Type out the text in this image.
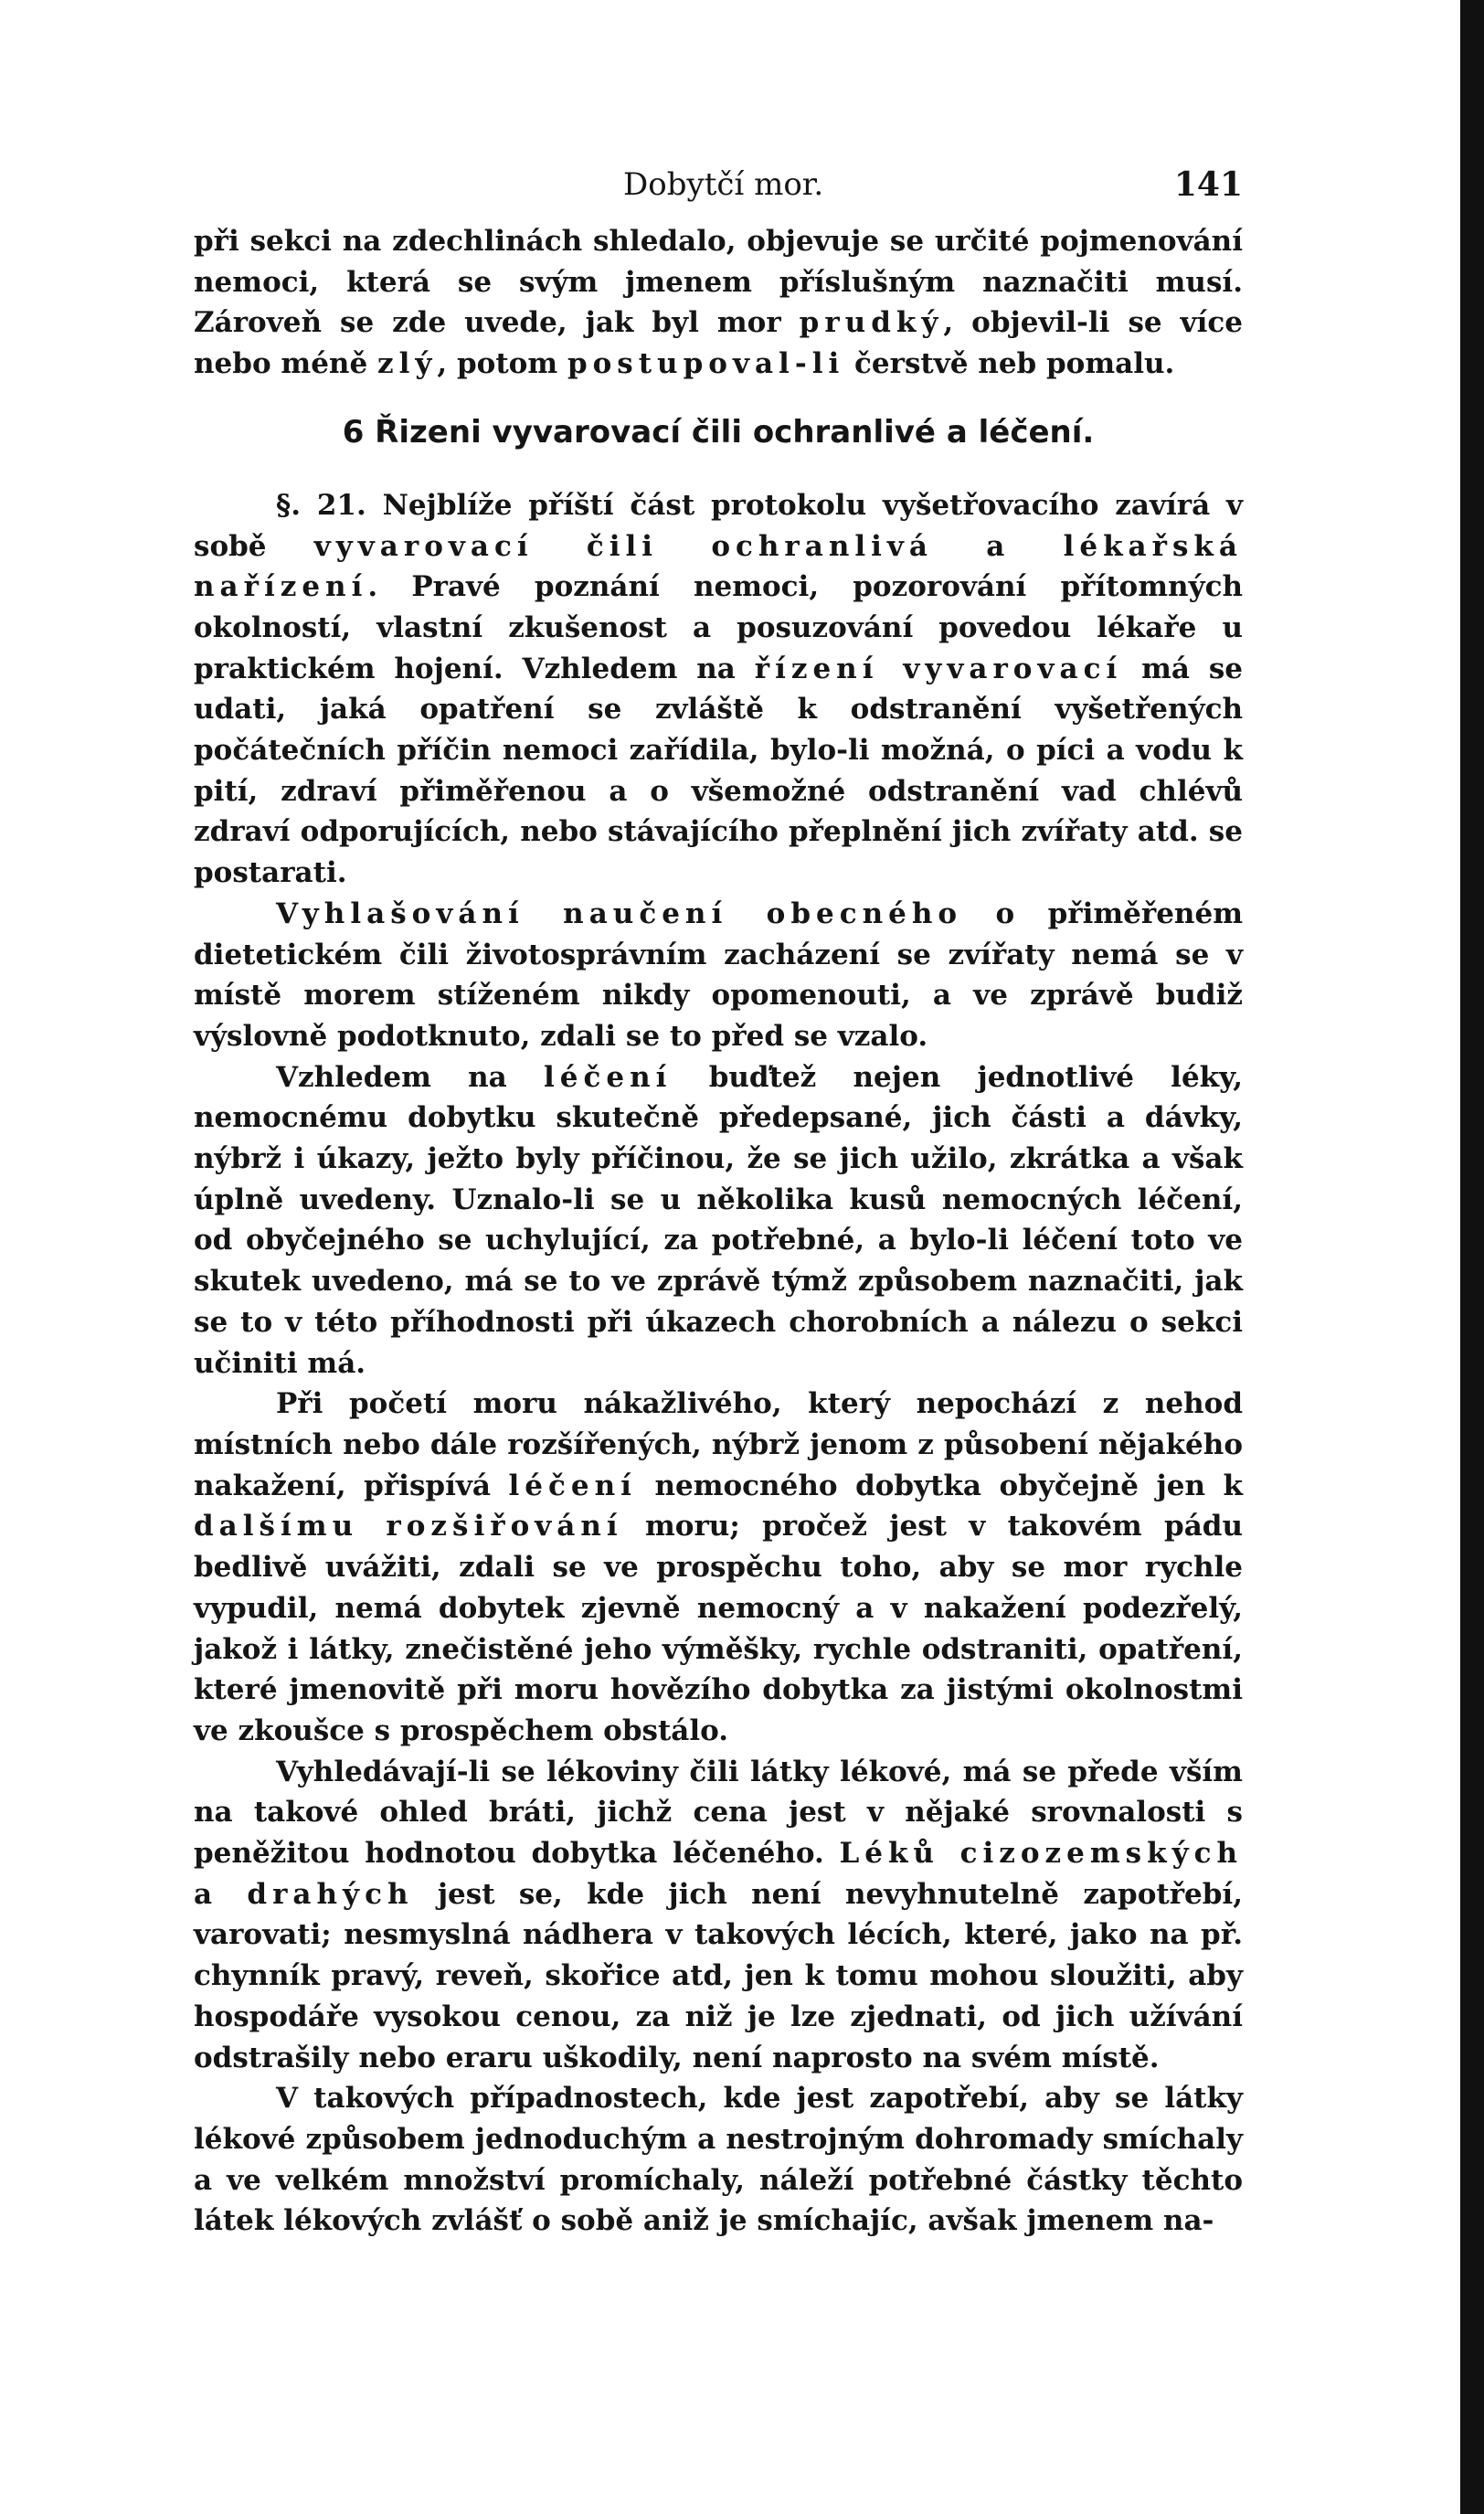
Dobytčí mor.	141

při sekci na zdechlinách shledalo, objevuje se určité pojmenování nemoci, která se svým jmenem příslušným naznačiti musí. Zároveň se zde uvede, jak byl mor prudký, objevil-li se více nebo méně zlý, potom postupoval-li čerstvě neb pomalu.

6 Řizeni vyvarovací čili ochranlivé a léčení.

§. 21. Nejblíže příští část protokolu vyšetřovacího zavírá v sobě vyvarovací čili ochranlivá a lékařská nařízení. Pravé poznání nemoci, pozorování přítomných okolností, vlastní zkušenost a posuzování povedou lékaře u praktickém hojení. Vzhledem na řízení vyvarovací má se udati, jaká opatření se zvláště k odstranění vyšetřených počátečních příčin nemoci zařídila, bylo-li možná, o píci a vodu k pití, zdraví přiměřenou a o všemožné odstranění vad chlévů zdraví odporujících, nebo stávajícího přeplnění jich zvířaty atd. se postarati.

Vyhlašování naučení obecného o přiměřeném dietetickém čili životosprávním zacházení se zvířaty nemá se v místě morem stíženém nikdy opomenouti, a ve zprávě budiž výslovně podotknuto, zdali se to před se vzalo.

Vzhledem na léčení buďtež nejen jednotlivé léky, nemocnému dobytku skutečně předepsané, jich části a dávky, nýbrž i úkazy, ježto byly příčinou, že se jich užilo, zkrátka a však úplně uvedeny. Uznalo-li se u několika kusů nemocných léčení, od obyčejného se uchylující, za potřebné, a bylo-li léčení toto ve skutek uvedeno, má se to ve zprávě týmž způsobem naznačiti, jak se to v této příhodnosti při úkazech chorobních a nálezu o sekci učiniti má.

Při početí moru nákažlivého, který nepochází z nehod místních nebo dále rozšířených, nýbrž jenom z působení nějakého nakažení, přispívá léčení nemocného dobytka obyčejně jen k dalšímu rozšiřování moru; pročež jest v takovém pádu bedlivě uvážiti, zdali se ve prospěchu toho, aby se mor rychle vypudil, nemá dobytek zjevně nemocný a v nakažení podezřelý, jakož i látky, znečistěné jeho výměšky, rychle odstraniti, opatření, které jmenovitě při moru hovězího dobytka za jistými okolnostmi ve zkoušce s prospěchem obstálo.

Vyhledávají-li se lékoviny čili látky lékové, má se přede vším na takové ohled bráti, jichž cena jest v nějaké srovnalosti s peněžitou hodnotou dobytka léčeného. Léků cizozemských a drahých jest se, kde jich není nevyhnutelně zapotřebí, varovati; nesmyslná nádhera v takových lécích, které, jako na př. chynník pravý, reveň, skořice atd, jen k tomu mohou sloužiti, aby hospodáře vysokou cenou, za niž je lze zjednati, od jich užívání odstrašily nebo eraru uškodily, není naprosto na svém místě.

V takových případnostech, kde jest zapotřebí, aby se látky lékové způsobem jednoduchým a nestrojným dohromady smíchaly a ve velkém množství promíchaly, náleží potřebné částky těchto látek lékových zvlášť o sobě aniž je smíchajíc, avšak jmenem na-
